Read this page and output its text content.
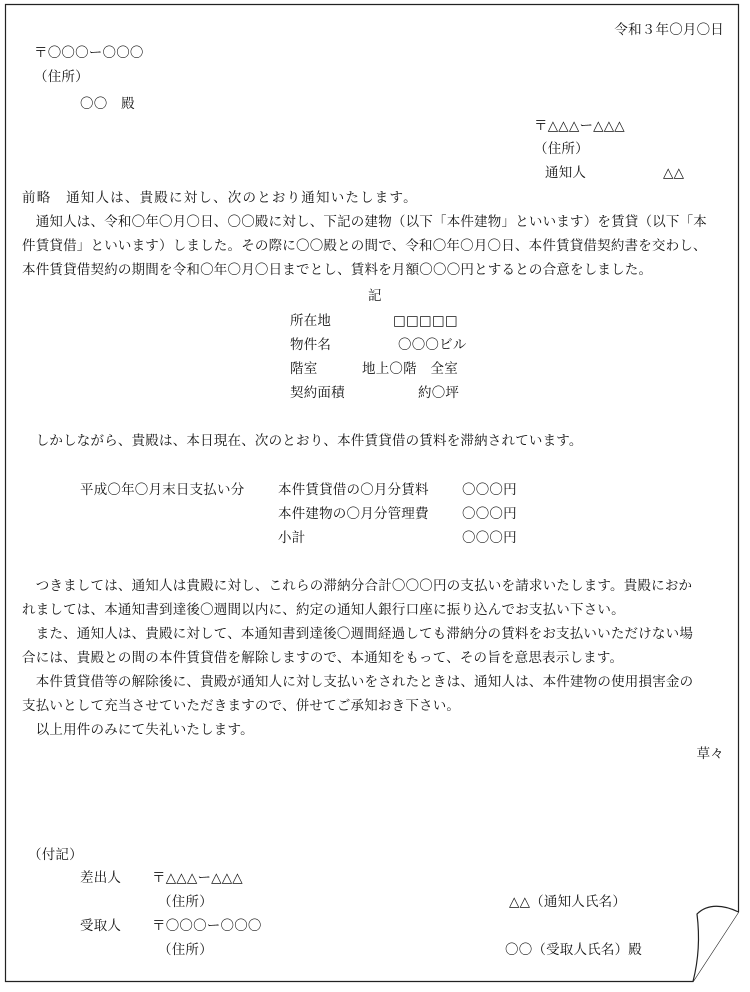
令和３年〇月〇日
〒〇〇〇ー〇〇〇
（住所）
〇〇　殿
〒△△△ー△△△
（住所）
通知人	△△
前略　通知人は、貴殿に対し、次のとおり通知いたします。
　通知人は、令和〇年〇月〇日、〇〇殿に対し、下記の建物（以下「本件建物」といいます）を賃貸（以下「本
件賃貸借」といいます）しました。その際に〇〇殿との間で、令和〇年〇月〇日、本件賃貸借契約書を交わし、
本件賃貸借契約の期間を令和〇年〇月〇日までとし、賃料を月額〇〇〇円とするとの合意をしました。
記
所在地	□□□□□
物件名	〇〇〇ビル
階室	地上〇階　全室
契約面積	約〇坪
　しかしながら、貴殿は、本日現在、次のとおり、本件賃貸借の賃料を滞納されています。
平成〇年〇月末日支払い分 本件賃貸借の〇月分賃料 〇〇〇円
本件建物の〇月分管理費 〇〇〇円
小計	〇〇〇円
　つきましては、通知人は貴殿に対し、これらの滞納分合計〇〇〇円の支払いを請求いたします。貴殿におか
れましては、本通知書到達後〇週間以内に、約定の通知人銀行口座に振り込んでお支払い下さい。
　また、通知人は、貴殿に対して、本通知書到達後〇週間経過しても滞納分の賃料をお支払いいただけない場
合には、貴殿との間の本件賃貸借を解除しますので、本通知をもって、その旨を意思表示します。
　本件賃貸借等の解除後に、貴殿が通知人に対し支払いをされたときは、通知人は、本件建物の使用損害金の
支払いとして充当させていただきますので、併せてご承知おき下さい。
　以上用件のみにて失礼いたします。
草々
（付記）
差出人 〒△△△ー△△△
（住所）	△△（通知人氏名）
受取人 〒〇〇〇ー〇〇〇
（住所）	〇〇（受取人氏名）殿
